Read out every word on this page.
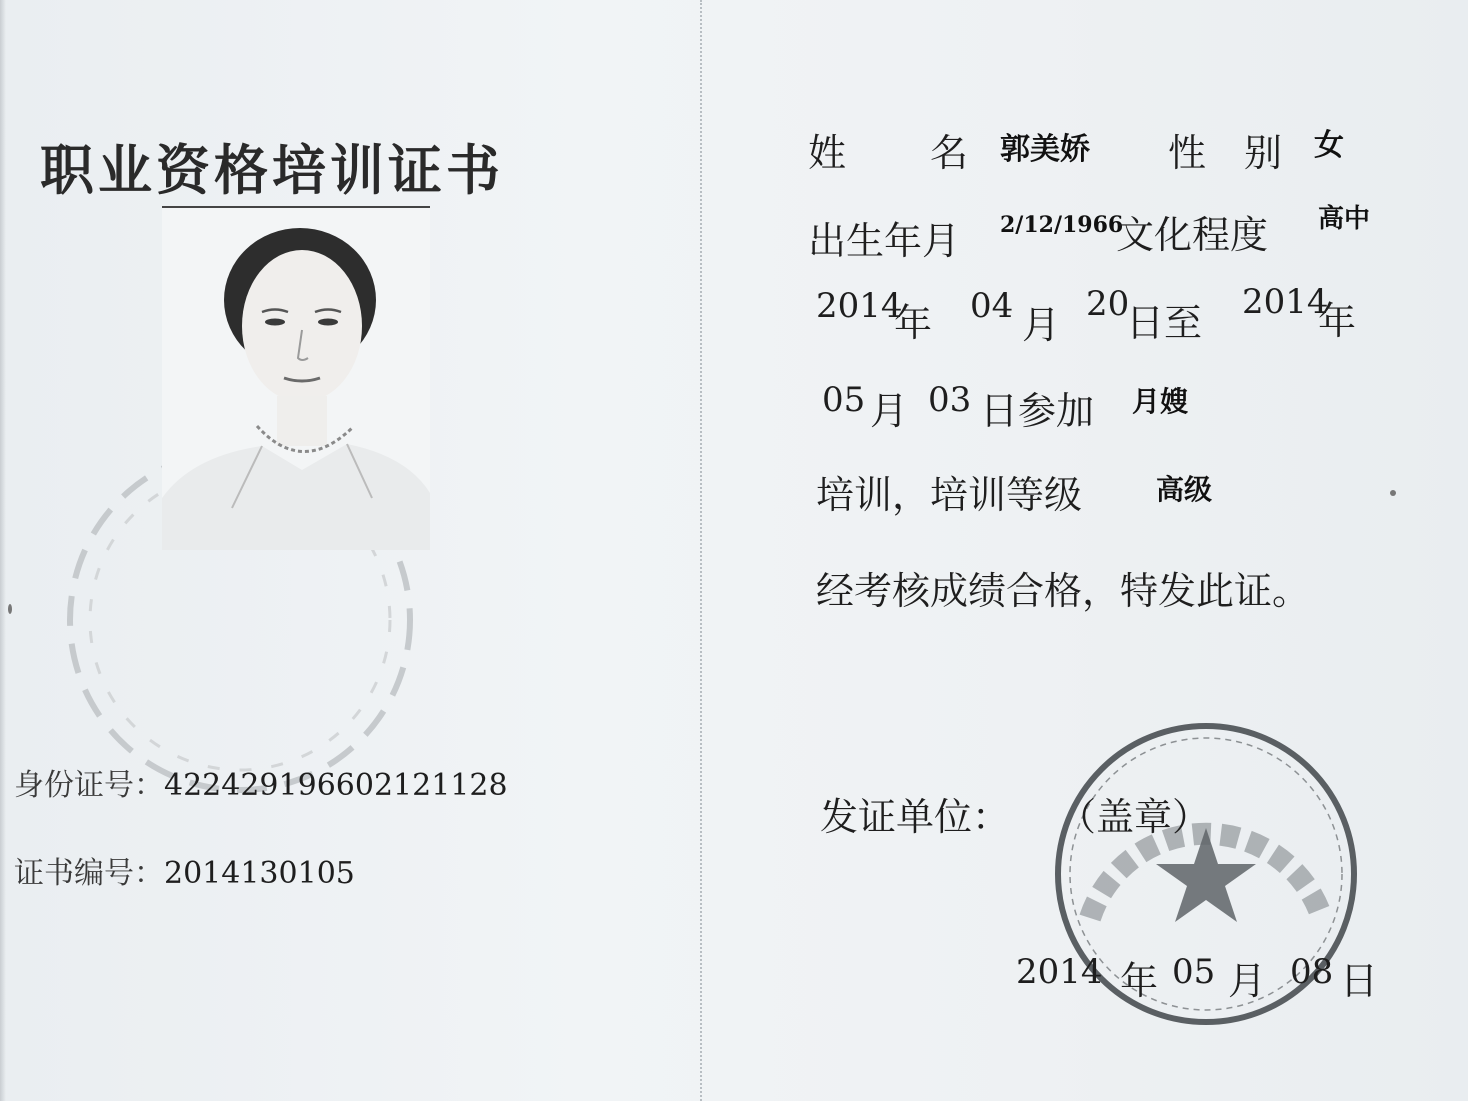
职业资格培训证书
身份证号：422429196602121128
证书编号：2014130105
姓 名 郭美娇 性　别 女
出生年月 2/12/1966
文化程度 高中
2014
年 04 月 20
日至 2014
年
05 月 03 日参加 月嫂
培训，培训等级	高级
经考核成绩合格，特发此证。
发证单位： （盖章）
2014 年 05 月 08 日
